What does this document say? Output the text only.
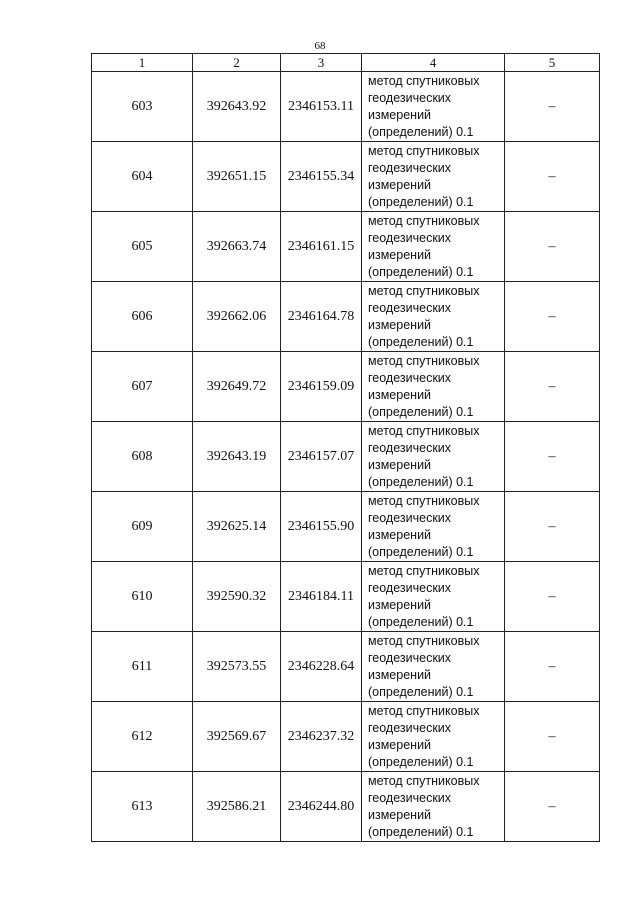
68
1	2	3	4	5
603	392643.92	2346153.11	метод спутниковых
геодезических
измерений
(определений) 0.1	–
604	392651.15	2346155.34	метод спутниковых
геодезических
измерений
(определений) 0.1	–
605	392663.74	2346161.15	метод спутниковых
геодезических
измерений
(определений) 0.1	–
606	392662.06	2346164.78	метод спутниковых
геодезических
измерений
(определений) 0.1	–
607	392649.72	2346159.09	метод спутниковых
геодезических
измерений
(определений) 0.1	–
608	392643.19	2346157.07	метод спутниковых
геодезических
измерений
(определений) 0.1	–
609	392625.14	2346155.90	метод спутниковых
геодезических
измерений
(определений) 0.1	–
610	392590.32	2346184.11	метод спутниковых
геодезических
измерений
(определений) 0.1	–
611	392573.55	2346228.64	метод спутниковых
геодезических
измерений
(определений) 0.1	–
612	392569.67	2346237.32	метод спутниковых
геодезических
измерений
(определений) 0.1	–
613	392586.21	2346244.80	метод спутниковых
геодезических
измерений
(определений) 0.1	–
